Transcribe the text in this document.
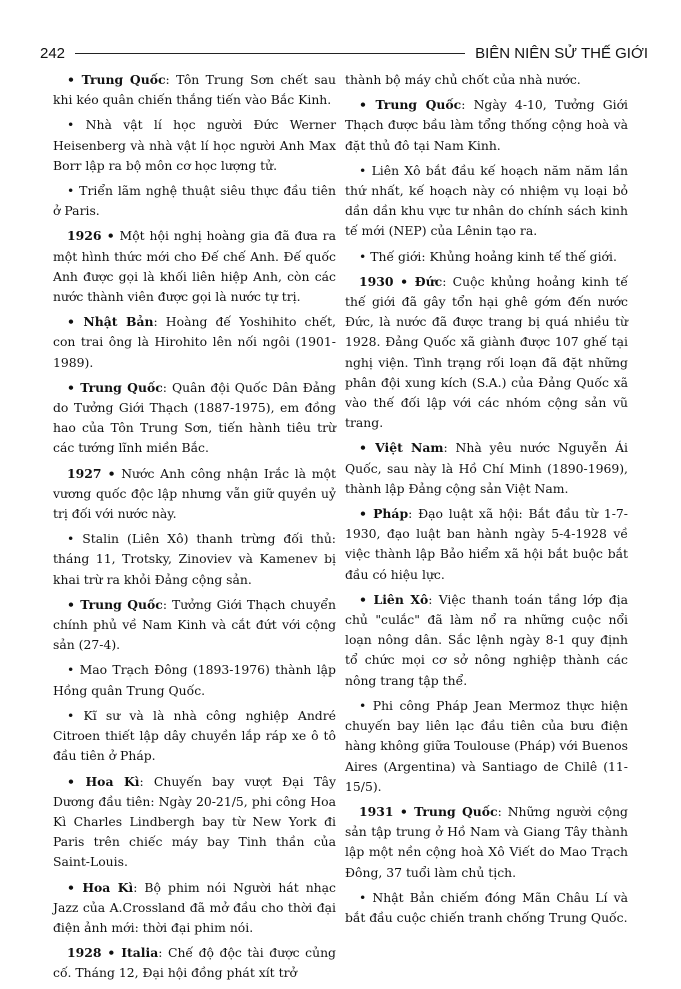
242	BIÊN NIÊN SỬ THẾ GIỚI

• Trung Quốc: Tôn Trung Sơn chết sau khi kéo quân chiến thắng tiến vào Bắc Kinh.

• Nhà vật lí học người Đức Werner Heisenberg và nhà vật lí học người Anh Max Borr lập ra bộ môn cơ học lượng tử.

• Triển lãm nghệ thuật siêu thực đầu tiên ở Paris.

1926 • Một hội nghị hoàng gia đã đưa ra một hình thức mới cho Đế chế Anh. Đế quốc Anh được gọi là khối liên hiệp Anh, còn các nước thành viên được gọi là nước tự trị.

• Nhật Bản: Hoàng đế Yoshihito chết, con trai ông là Hirohito lên nối ngôi (1901-1989).

• Trung Quốc: Quân đội Quốc Dân Đảng do Tưởng Giới Thạch (1887-1975), em đồng hao của Tôn Trung Sơn, tiến hành tiêu trừ các tướng lĩnh miền Bắc.

1927 • Nước Anh công nhận Irắc là một vương quốc độc lập nhưng vẫn giữ quyền uỷ trị đối với nước này.

• Stalin (Liên Xô) thanh trừng đối thủ: tháng 11, Trotsky, Zinoviev và Kamenev bị khai trừ ra khỏi Đảng cộng sản.

• Trung Quốc: Tưởng Giới Thạch chuyển chính phủ về Nam Kinh và cắt đứt với cộng sản (27-4).

• Mao Trạch Đông (1893-1976) thành lập Hồng quân Trung Quốc.

• Kĩ sư và là nhà công nghiệp André Citroen thiết lập dây chuyền lắp ráp xe ô tô đầu tiên ở Pháp.

• Hoa Kì: Chuyến bay vượt Đại Tây Dương đầu tiên: Ngày 20-21/5, phi công Hoa Kì Charles Lindbergh bay từ New York đi Paris trên chiếc máy bay Tinh thần của Saint-Louis.

• Hoa Kì: Bộ phim nói Người hát nhạc Jazz của A.Crossland đã mở đầu cho thời đại điện ảnh mới: thời đại phim nói.

1928 • Italia: Chế độ độc tài được củng cố. Tháng 12, Đại hội đồng phát xít trở

thành bộ máy chủ chốt của nhà nước.

• Trung Quốc: Ngày 4-10, Tưởng Giới Thạch được bầu làm tổng thống cộng hoà và đặt thủ đô tại Nam Kinh.

• Liên Xô bắt đầu kế hoạch năm năm lần thứ nhất, kế hoạch này có nhiệm vụ loại bỏ dần dần khu vực tư nhân do chính sách kinh tế mới (NEP) của Lênin tạo ra.

• Thế giới: Khủng hoảng kinh tế thế giới.

1930 • Đức: Cuộc khủng hoảng kinh tế thế giới đã gây tổn hại ghê gớm đến nước Đức, là nước đã được trang bị quá nhiều từ 1928. Đảng Quốc xã giành được 107 ghế tại nghị viện. Tình trạng rối loạn đã đặt những phân đội xung kích (S.A.) của Đảng Quốc xã vào thế đối lập với các nhóm cộng sản vũ trang.

• Việt Nam: Nhà yêu nước Nguyễn Ái Quốc, sau này là Hồ Chí Minh (1890-1969), thành lập Đảng cộng sản Việt Nam.

• Pháp: Đạo luật xã hội: Bắt đầu từ 1-7-1930, đạo luật ban hành ngày 5-4-1928 về việc thành lập Bảo hiểm xã hội bắt buộc bắt đầu có hiệu lực.

• Liên Xô: Việc thanh toán tầng lớp địa chủ "culắc" đã làm nổ ra những cuộc nổi loạn nông dân. Sắc lệnh ngày 8-1 quy định tổ chức mọi cơ sở nông nghiệp thành các nông trang tập thể.

• Phi công Pháp Jean Mermoz thực hiện chuyến bay liên lạc đầu tiên của bưu điện hàng không giữa Toulouse (Pháp) với Buenos Aires (Argentina) và Santiago de Chilê (11-15/5).

1931 • Trung Quốc: Những người cộng sản tập trung ở Hồ Nam và Giang Tây thành lập một nền cộng hoà Xô Viết do Mao Trạch Đông, 37 tuổi làm chủ tịch.

• Nhật Bản chiếm đóng Mãn Châu Lí và bắt đầu cuộc chiến tranh chống Trung Quốc.
